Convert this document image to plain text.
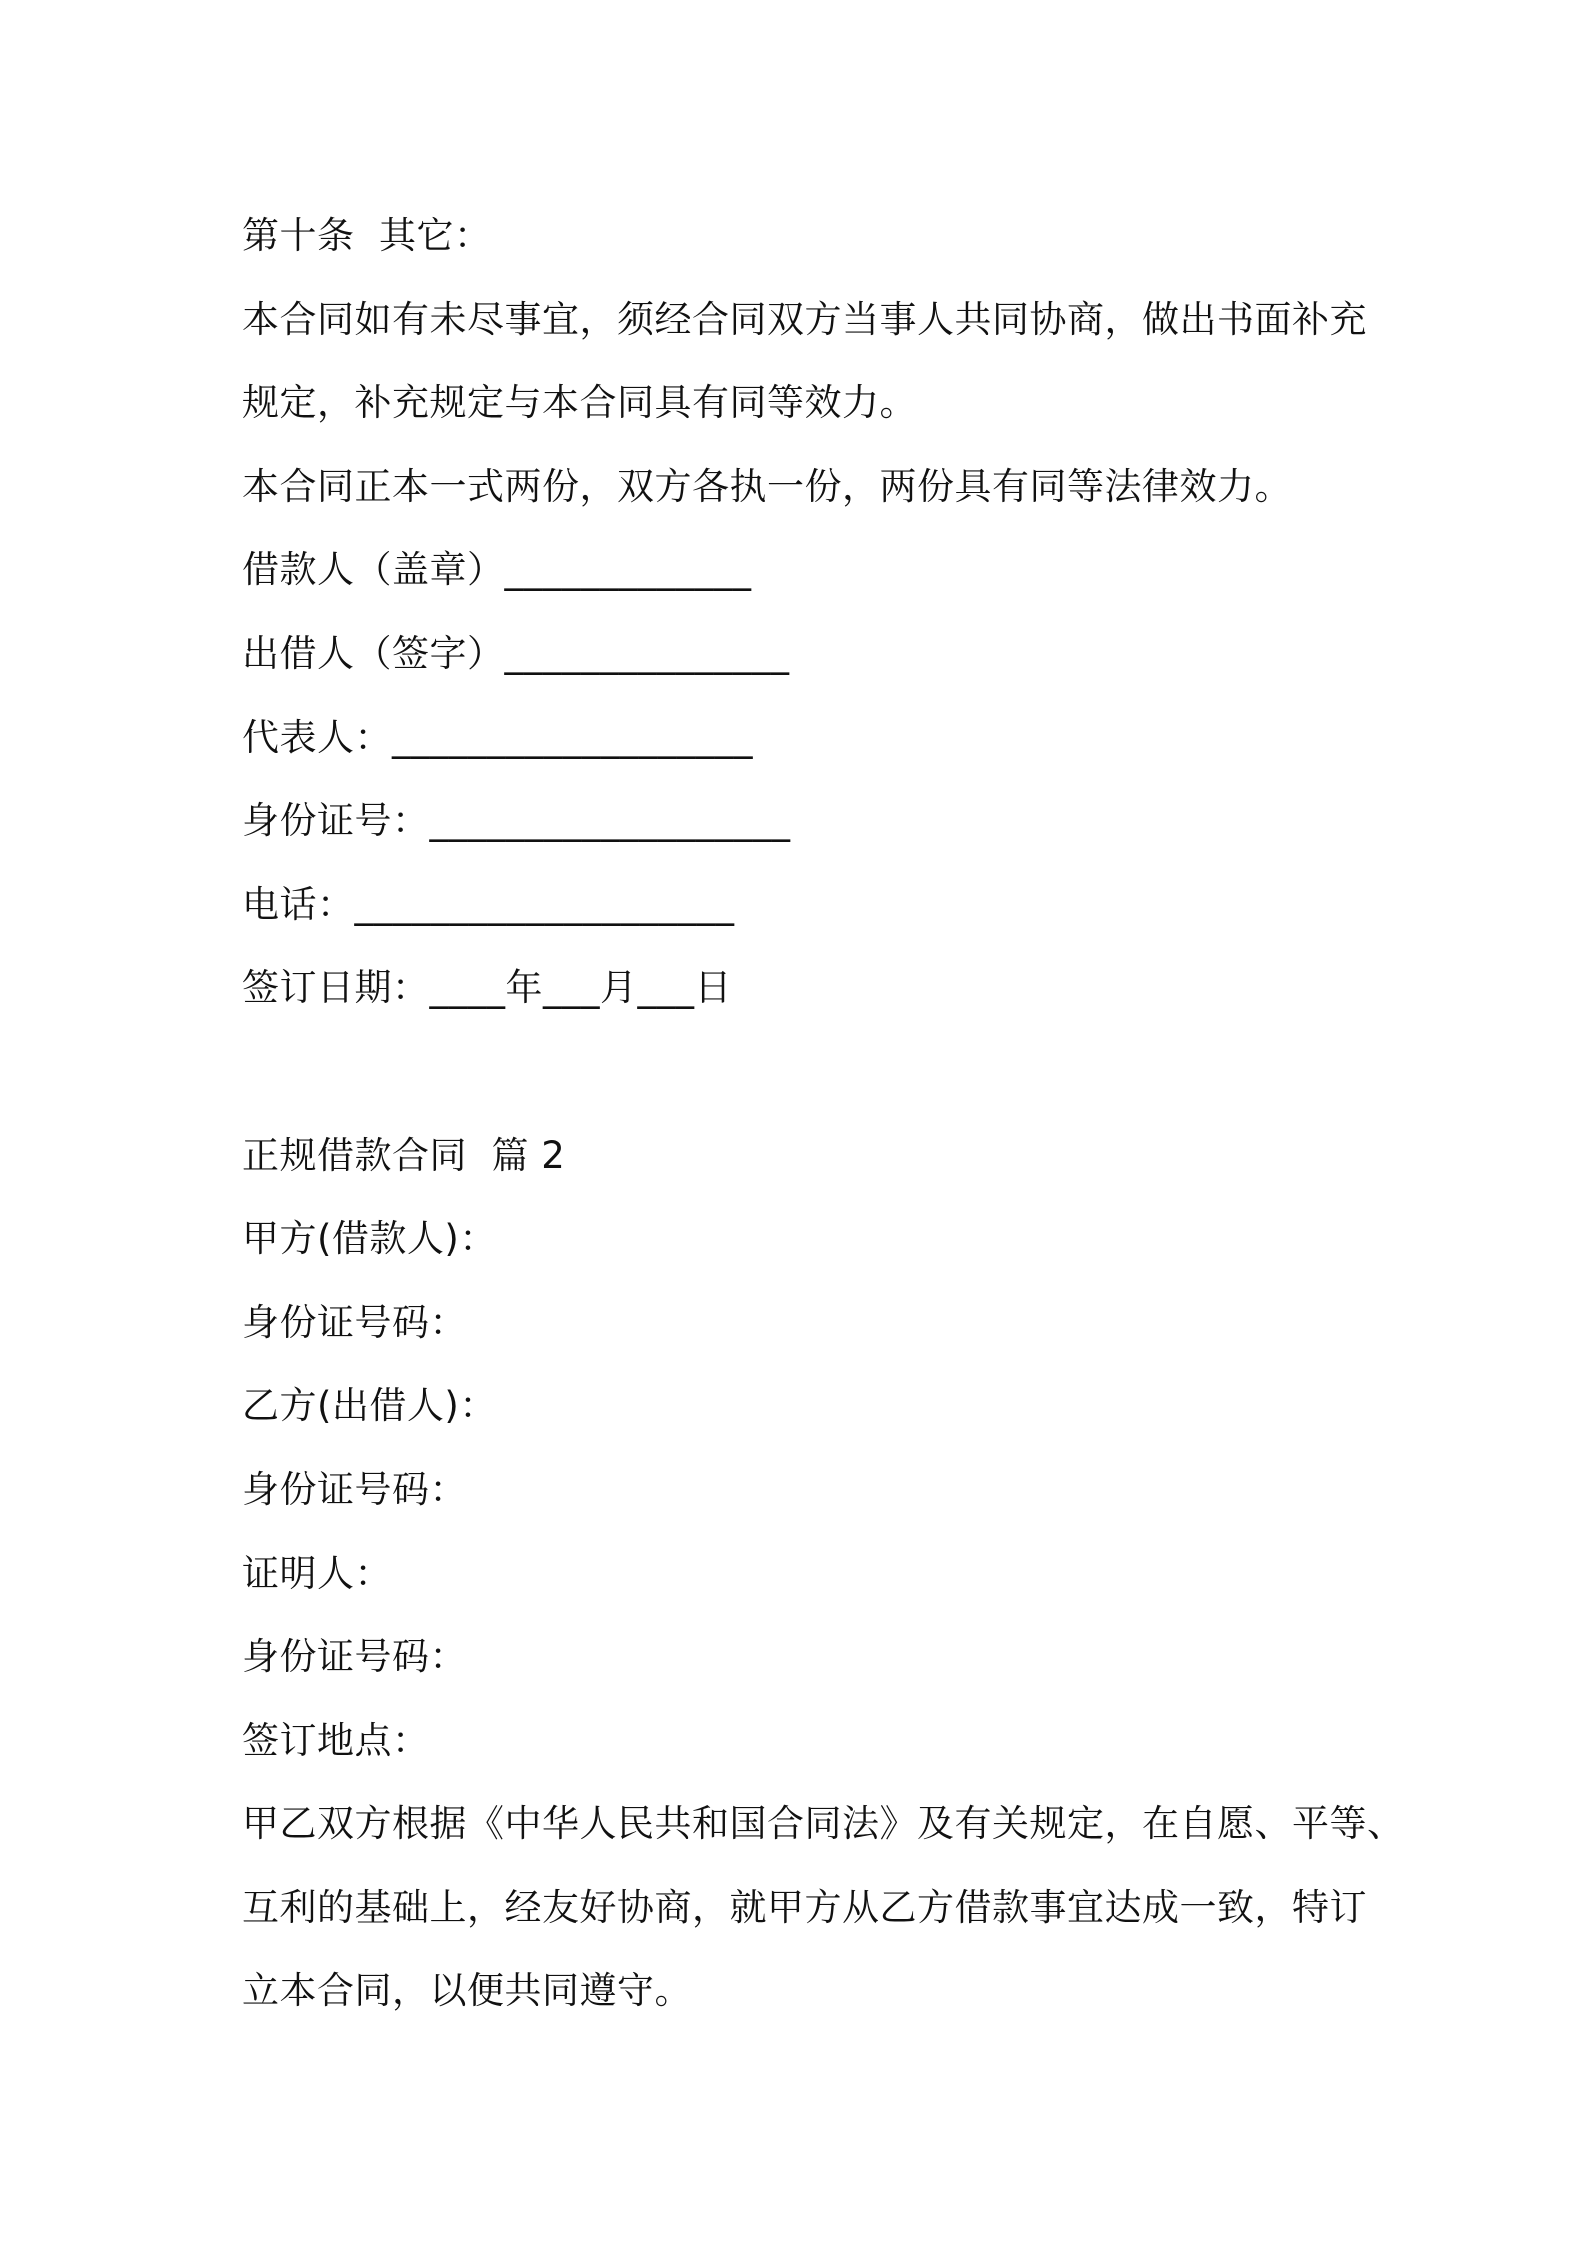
第十条  其它：
本合同如有未尽事宜，须经合同双方当事人共同协商，做出书面补充
规定，补充规定与本合同具有同等效力。
本合同正本一式两份，双方各执一份，两份具有同等法律效力。
借款人（盖章）_____________
出借人（签字）_______________
代表人：___________________
身份证号：___________________
电话：____________________
签订日期：____年___月___日
正规借款合同  篇 2
甲方(借款人)：
身份证号码：
乙方(出借人)：
身份证号码：
证明人：
身份证号码：
签订地点：
甲乙双方根据《中华人民共和国合同法》及有关规定，在自愿、平等、
互利的基础上，经友好协商，就甲方从乙方借款事宜达成一致，特订
立本合同，以便共同遵守。
